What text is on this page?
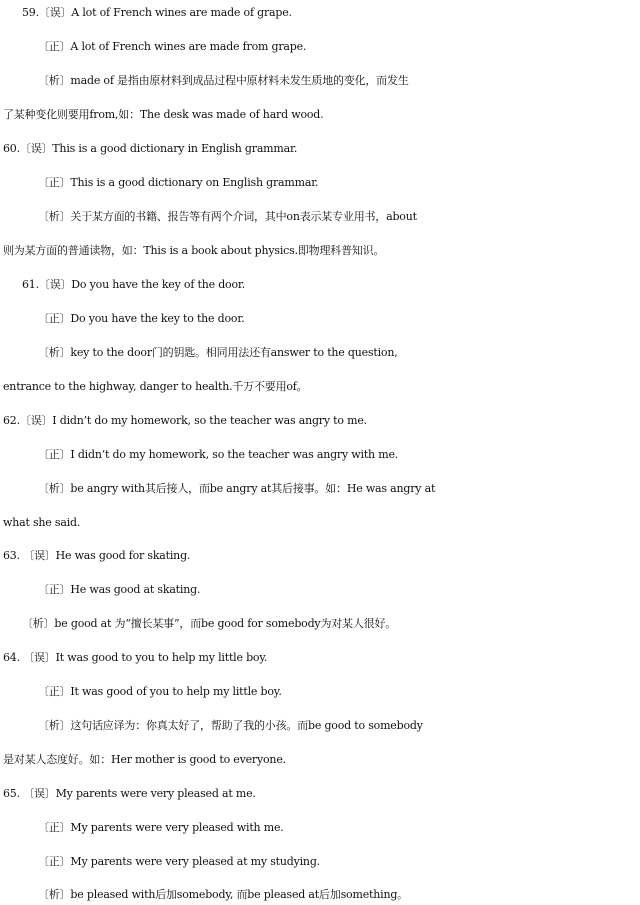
59.〔误〕A lot of French wines are made of grape.
〔正〕A lot of French wines are made from grape.
〔析〕made of 是指由原材料到成品过程中原材料未发生质地的变化，而发生
了某种变化则要用from,如：The desk was made of hard wood.
60.〔误〕This is a good dictionary in English grammar.
〔正〕This is a good dictionary on English grammar.
〔析〕关于某方面的书籍、报告等有两个介词，其中on表示某专业用书，about
则为某方面的普通读物，如：This is a book about physics.即物理科普知识。
61.〔误〕Do you have the key of the door.
〔正〕Do you have the key to the door.
〔析〕key to the door门的钥匙。相同用法还有answer to the question,
entrance to the highway, danger to health.千万不要用of。
62.〔误〕I didn’t do my homework, so the teacher was angry to me.
〔正〕I didn’t do my homework, so the teacher was angry with me.
〔析〕be angry with其后接人，而be angry at其后接事。如：He was angry at
what she said.
63. 〔误〕He was good for skating.
〔正〕He was good at skating.
〔析〕be good at 为“擅长某事”，而be good for somebody为对某人很好。
64. 〔误〕It was good to you to help my little boy.
〔正〕It was good of you to help my little boy.
〔析〕这句话应译为：你真太好了，帮助了我的小孩。而be good to somebody
是对某人态度好。如：Her mother is good to everyone.
65. 〔误〕My parents were very pleased at me.
〔正〕My parents were very pleased with me.
〔正〕My parents were very pleased at my studying.
〔析〕be pleased with后加somebody, 而be pleased at后加something。
